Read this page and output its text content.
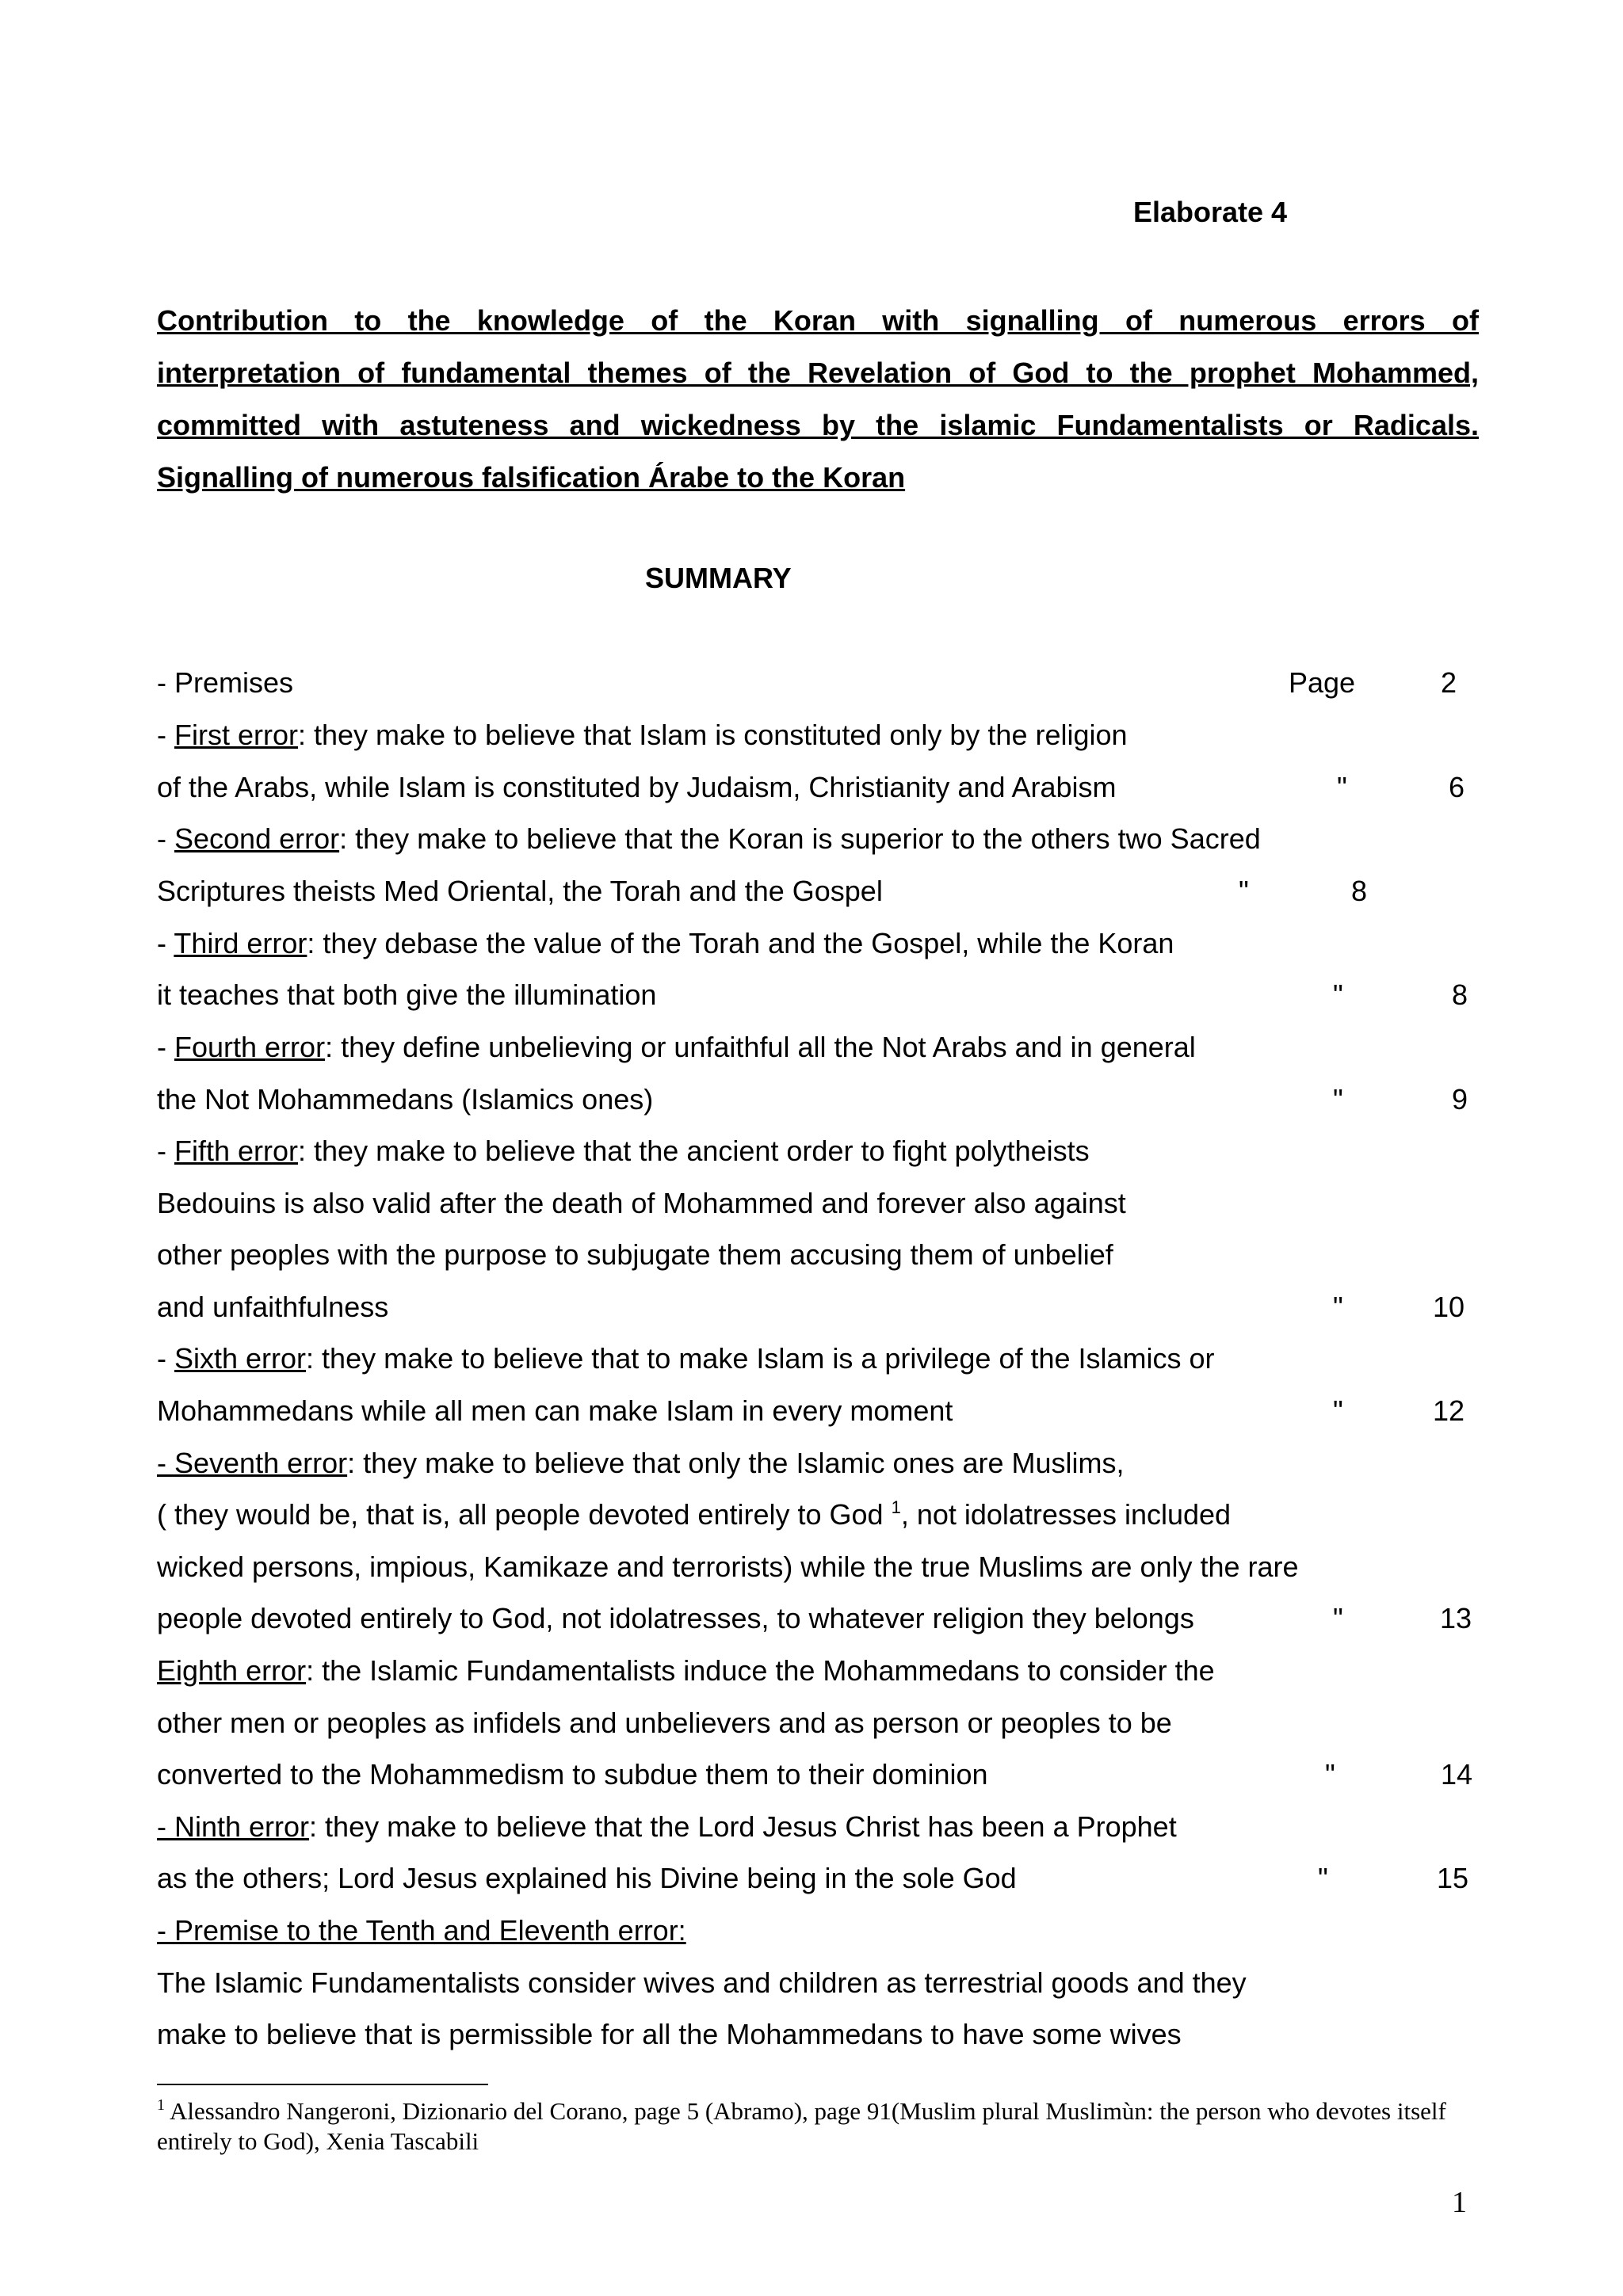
Elaborate 4
Contribution to the knowledge of the Koran with signalling of numerous errors of
interpretation of fundamental themes of the Revelation of God to the prophet Mohammed,
committed with astuteness and wickedness by the islamic Fundamentalists or Radicals.
Signalling of numerous falsification Árabe to the Koran
SUMMARY
- Premises	Page	2
- First error: they make to believe that Islam is constituted only by the religion
of the Arabs, while Islam is constituted by Judaism, Christianity and Arabism	"	6
- Second error: they make to believe that the Koran is superior to the others two Sacred
Scriptures theists Med Oriental, the Torah and the Gospel	"	8
- Third error: they debase the value of the Torah and the Gospel, while the Koran
it teaches that both give the illumination	"	8
- Fourth error: they define unbelieving or unfaithful all the Not Arabs and in general
the Not Mohammedans (Islamics ones)	"	9
- Fifth error: they make to believe that the ancient order to fight polytheists
Bedouins is also valid after the death of Mohammed and forever also against
other peoples with the purpose to subjugate them accusing them of unbelief
and unfaithfulness	"	10
- Sixth error: they make to believe that to make Islam is a privilege of the Islamics or
Mohammedans while all men can make Islam in every moment	"	12
- Seventh error: they make to believe that only the Islamic ones are Muslims,
( they would be, that is, all people devoted entirely to God $^1$, not idolatresses included
wicked persons, impious, Kamikaze and terrorists) while the true Muslims are only the rare
people devoted entirely to God, not idolatresses, to whatever religion they belongs	"	13
Eighth error: the Islamic Fundamentalists induce the Mohammedans to consider the
other men or peoples as infidels and unbelievers and as person or peoples to be
converted to the Mohammedism to subdue them to their dominion	"	14
- Ninth error: they make to believe that the Lord Jesus Christ has been a Prophet
as the others; Lord Jesus explained his Divine being in the sole God	"	15
- Premise to the Tenth and Eleventh error:
The Islamic Fundamentalists consider wives and children as terrestrial goods and they
make to believe that is permissible for all the Mohammedans to have some wives
$^1$ Alessandro Nangeroni, Dizionario del Corano, page 5 (Abramo), page 91(Muslim plural Muslimùn: the person who devotes itself entirely to God), Xenia Tascabili
1
